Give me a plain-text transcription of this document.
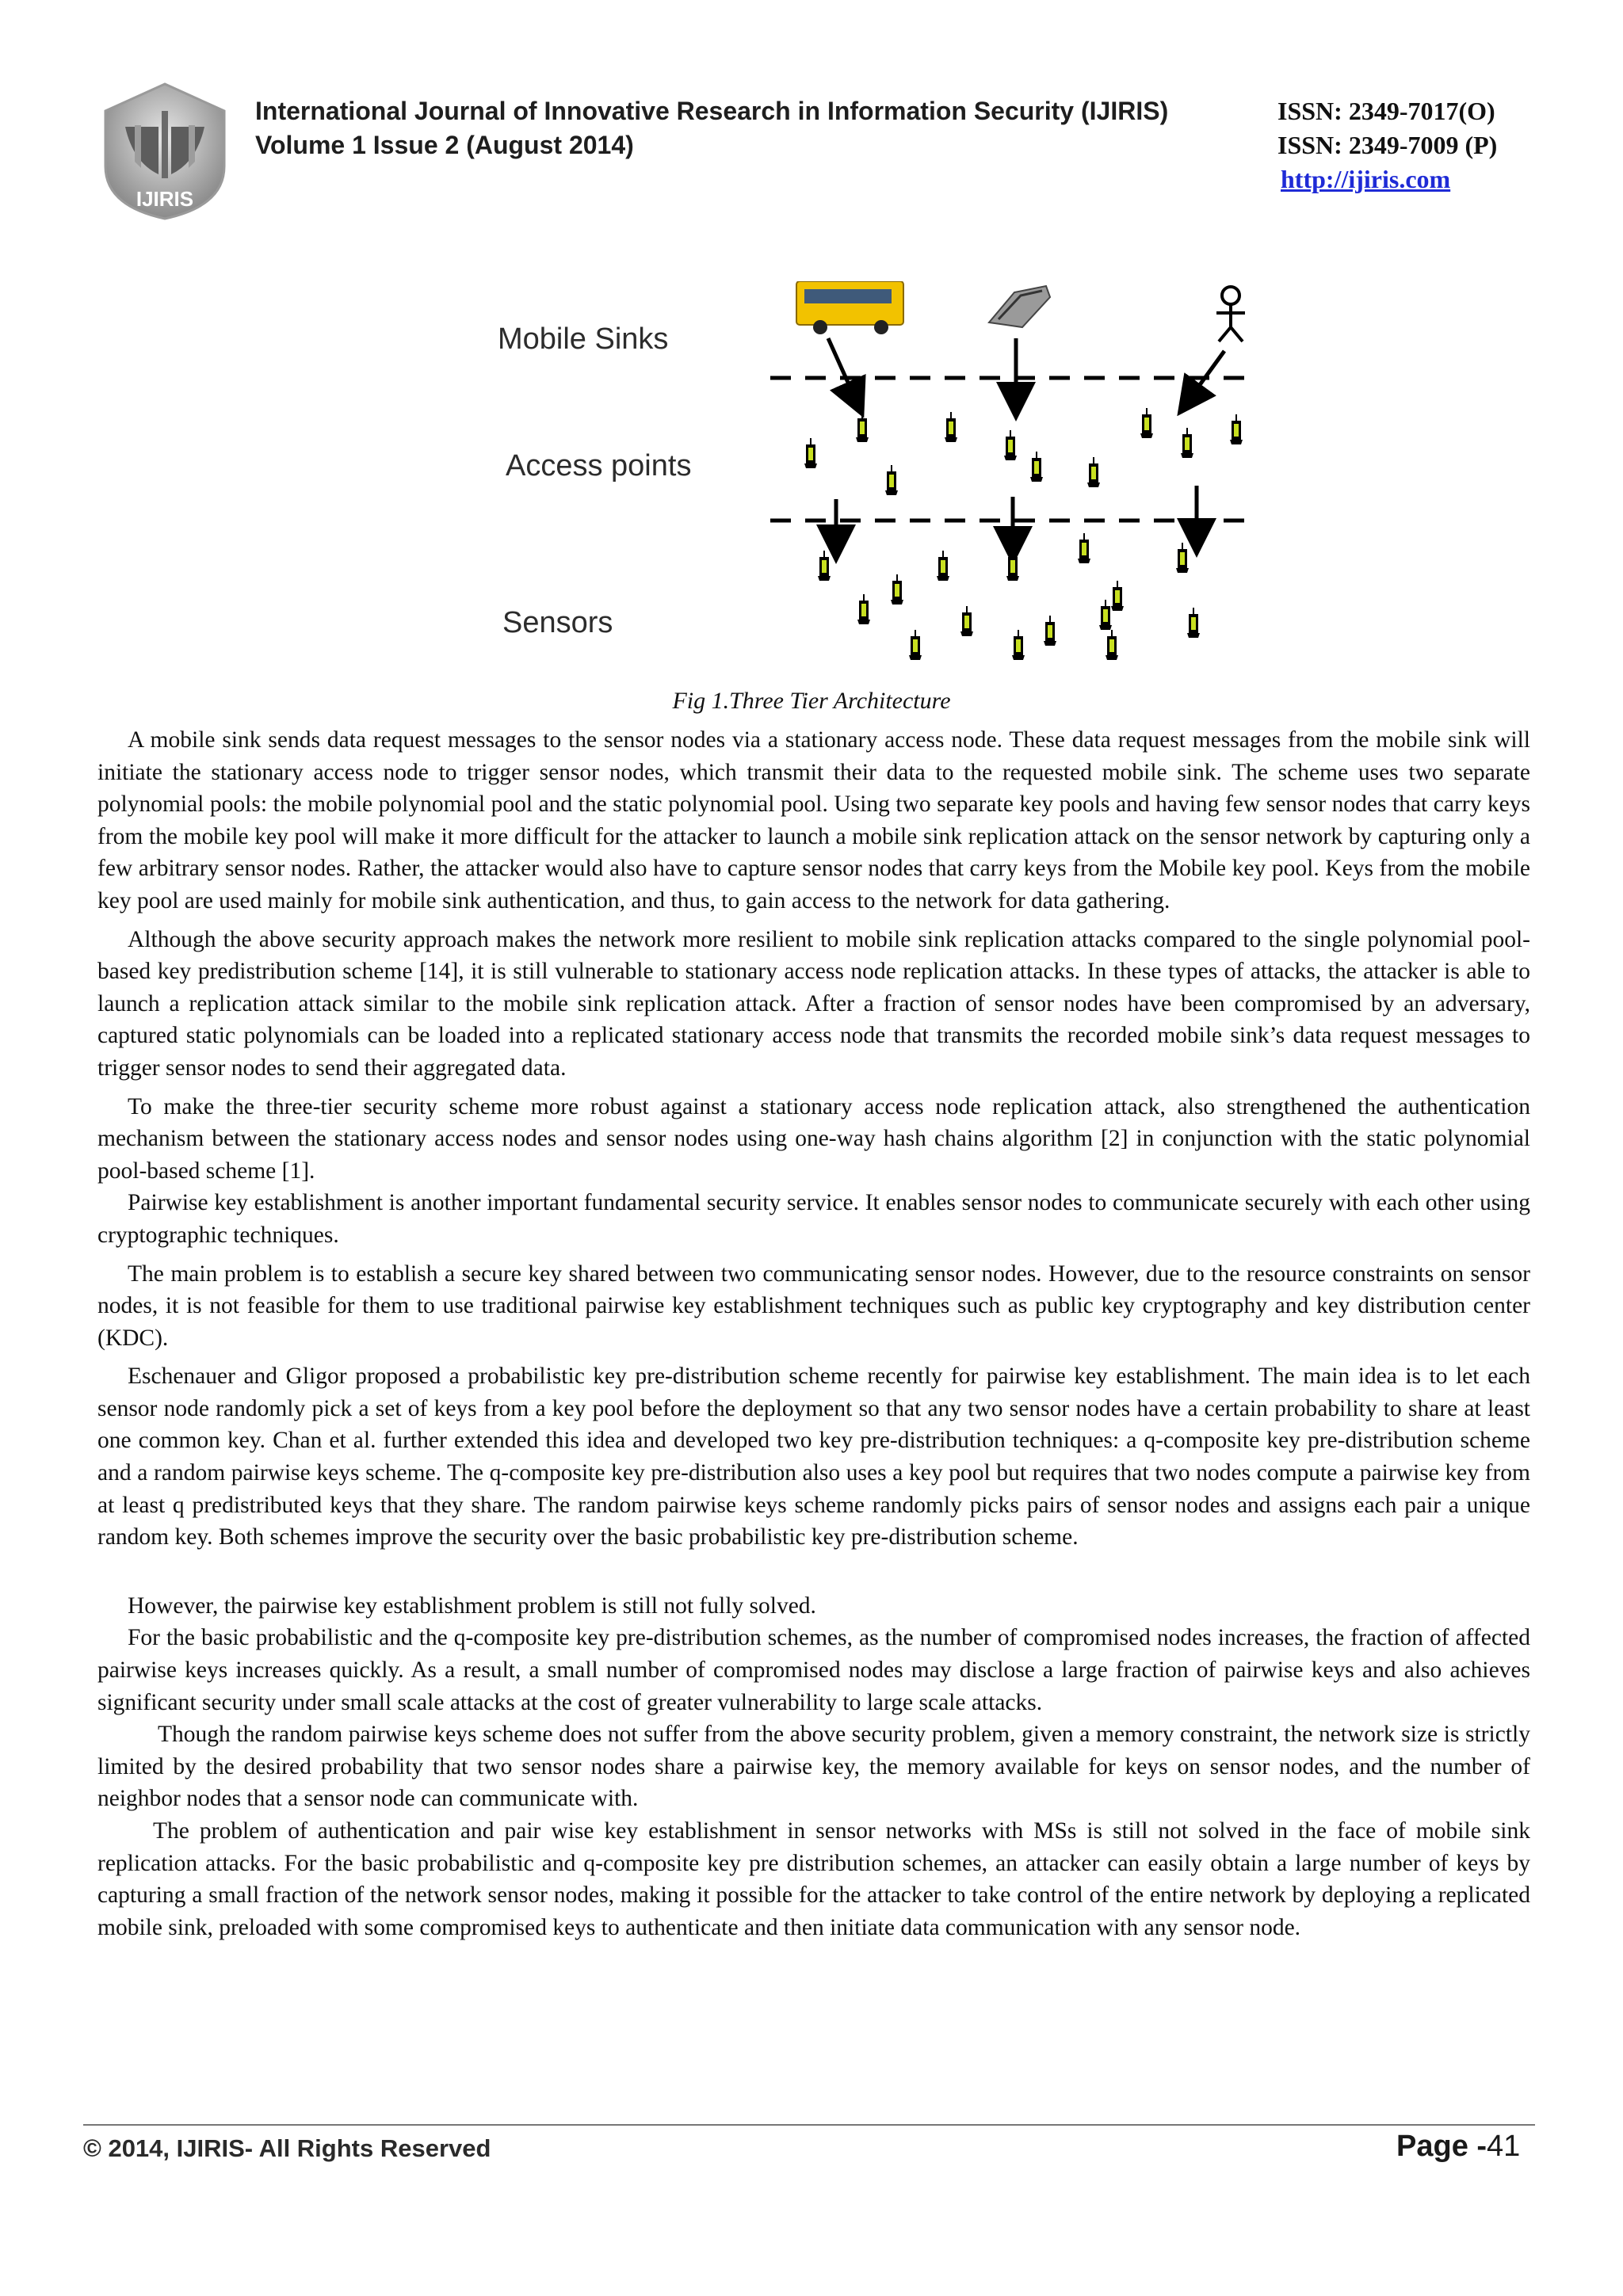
IJIRIS
International Journal of Innovative Research in Information Security (IJIRIS)
Volume 1 Issue 2 (August 2014)
ISSN: 2349-7017(O)
ISSN: 2349-7009 (P)
http://ijiris.com
Mobile Sinks
Access points
Sensors
Fig 1.Three Tier Architecture

A mobile sink sends data request messages to the sensor nodes via a stationary access node. These data request messages from the mobile sink will initiate the stationary access node to trigger sensor nodes, which transmit their data to the requested mobile sink. The scheme uses two separate polynomial pools: the mobile polynomial pool and the static polynomial pool. Using two separate key pools and having few sensor nodes that carry keys from the mobile key pool will make it more difficult for the attacker to launch a mobile sink replication attack on the sensor network by capturing only a few arbitrary sensor nodes. Rather, the attacker would also have to capture sensor nodes that carry keys from the Mobile key pool. Keys from the mobile key pool are used mainly for mobile sink authentication, and thus, to gain access to the network for data gathering.

Although the above security approach makes the network more resilient to mobile sink replication attacks compared to the single polynomial pool-based key predistribution scheme [14], it is still vulnerable to stationary access node replication attacks. In these types of attacks, the attacker is able to launch a replication attack similar to the mobile sink replication attack. After a fraction of sensor nodes have been compromised by an adversary, captured static polynomials can be loaded into a replicated stationary access node that transmits the recorded mobile sink’s data request messages to trigger sensor nodes to send their aggregated data.

To make the three-tier security scheme more robust against a stationary access node replication attack, also strengthened the authentication mechanism between the stationary access nodes and sensor nodes using one-way hash chains algorithm [2] in conjunction with the static polynomial pool-based scheme [1].

Pairwise key establishment is another important fundamental security service. It enables sensor nodes to communicate securely with each other using cryptographic techniques.

The main problem is to establish a secure key shared between two communicating sensor nodes. However, due to the resource constraints on sensor nodes, it is not feasible for them to use traditional pairwise key establishment techniques such as public key cryptography and key distribution center (KDC).

Eschenauer and Gligor proposed a probabilistic key pre-distribution scheme recently for pairwise key establishment. The main idea is to let each sensor node randomly pick a set of keys from a key pool before the deployment so that any two sensor nodes have a certain probability to share at least one common key. Chan et al. further extended this idea and developed two key pre-distribution techniques: a q-composite key pre-distribution scheme and a random pairwise keys scheme. The q-composite key pre-distribution also uses a key pool but requires that two nodes compute a pairwise key from at least q predistributed keys that they share. The random pairwise keys scheme randomly picks pairs of sensor nodes and assigns each pair a unique random key. Both schemes improve the security over the basic probabilistic key pre-distribution scheme.

However, the pairwise key establishment problem is still not fully solved.

For the basic probabilistic and the q-composite key pre-distribution schemes, as the number of compromised nodes increases, the fraction of affected pairwise keys increases quickly. As a result, a small number of compromised nodes may disclose a large fraction of pairwise keys and also achieves significant security under small scale attacks at the cost of greater vulnerability to large scale attacks.

Though the random pairwise keys scheme does not suffer from the above security problem, given a memory constraint, the network size is strictly limited by the desired probability that two sensor nodes share a pairwise key, the memory available for keys on sensor nodes, and the number of neighbor nodes that a sensor node can communicate with.

The problem of authentication and pair wise key establishment in sensor networks with MSs is still not solved in the face of mobile sink replication attacks. For the basic probabilistic and q-composite key pre distribution schemes, an attacker can easily obtain a large number of keys by capturing a small fraction of the network sensor nodes, making it possible for the attacker to take control of the entire network by deploying a replicated mobile sink, preloaded with some compromised keys to authenticate and then initiate data communication with any sensor node.

© 2014, IJIRIS- All Rights Reserved	Page -41
